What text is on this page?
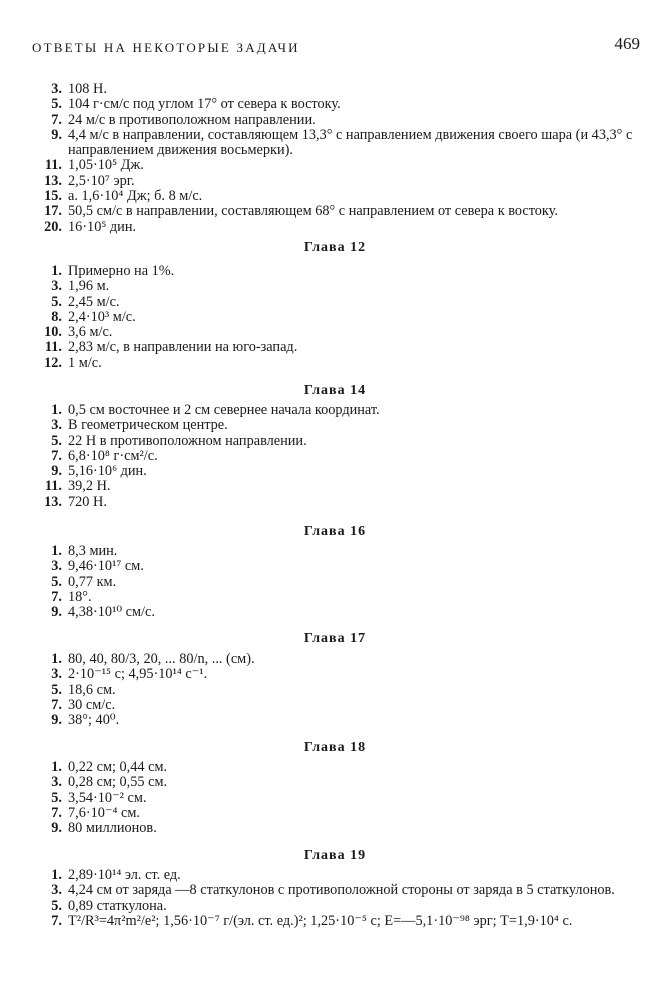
ОТВЕТЫ НА НЕКОТОРЫЕ ЗАДАЧИ	469
3. 108 Н.
5. 104 г·см/с под углом 17° от севера к востоку.
7. 24 м/с в противоположном направлении.
9. 4,4 м/с в направлении, составляющем 13,3° с направлением движения своего шара (и 43,3° с направлением движения восьмерки).
11. 1,05·10⁵ Дж.
13. 2,5·10⁷ эрг.
15. а. 1,6·10⁴ Дж; б. 8 м/с.
17. 50,5 см/с в направлении, составляющем 68° с направлением от севера к востоку.
20. 16·10⁵ дин.
Глава 12
1. Примерно на 1%.
3. 1,96 м.
5. 2,45 м/с.
8. 2,4·10³ м/с.
10. 3,6 м/с.
11. 2,83 м/с, в направлении на юго-запад.
12. 1 м/с.
Глава 14
1. 0,5 см восточнее и 2 см севернее начала координат.
3. В геометрическом центре.
5. 22 Н в противоположном направлении.
7. 6,8·10⁸ г·см²/с.
9. 5,16·10⁶ дин.
11. 39,2 Н.
13. 720 Н.
Глава 16
1. 8,3 мин.
3. 9,46·10¹⁷ см.
5. 0,77 км.
7. 18°.
9. 4,38·10¹⁰ см/с.
Глава 17
1. 80, 40, 80/3, 20, ... 80/n, ... (см).
3. 2·10⁻¹⁵ с; 4,95·10¹⁴ с⁻¹.
5. 18,6 см.
7. 30 см/с.
9. 38°; 40⁰.
Глава 18
1. 0,22 см; 0,44 см.
3. 0,28 см; 0,55 см.
5. 3,54·10⁻² см.
7. 7,6·10⁻⁴ см.
9. 80 миллионов.
Глава 19
1. 2,89·10¹⁴ эл. ст. ед.
3. 4,24 см от заряда —8 статкулонов с противоположной стороны от заряда в 5 статкулонов.
5. 0,89 статкулона.
7. T²/R³=4π²m²/e²; 1,56·10⁻⁷ г/(эл. ст. ед.)²; 1,25·10⁻⁵ с; E=—5,1·10⁻⁹⁸ эрг; T=1,9·10⁴ с.
